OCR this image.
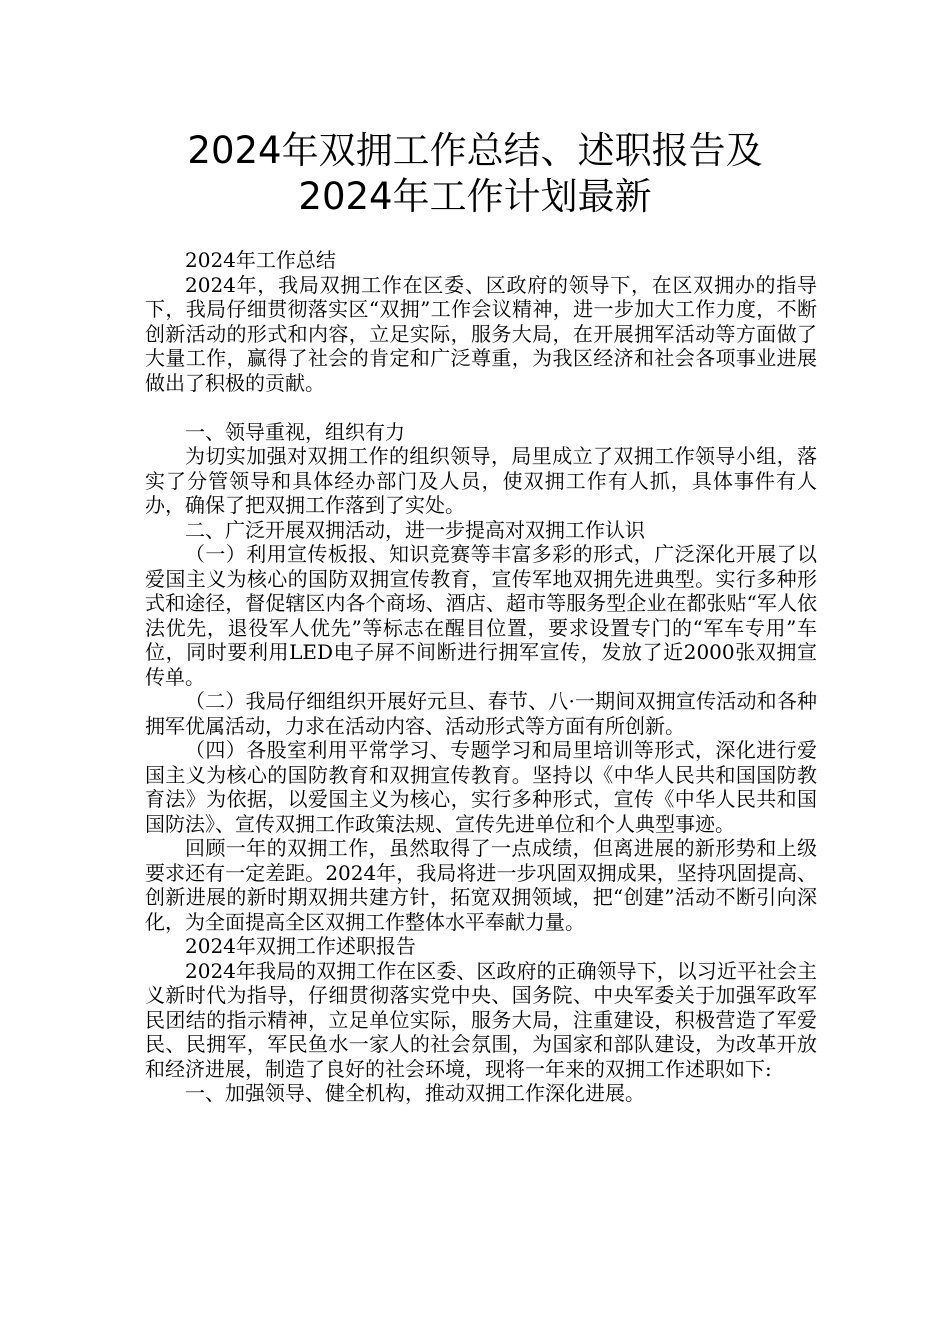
2024年双拥工作总结、述职报告及
2024年工作计划最新

2024年工作总结

2024年，我局双拥工作在区委、区政府的领导下，在区双拥办的指导下，我局仔细贯彻落实区“双拥”工作会议精神，进一步加大工作力度，不断创新活动的形式和内容，立足实际，服务大局，在开展拥军活动等方面做了大量工作，赢得了社会的肯定和广泛尊重，为我区经济和社会各项事业进展做出了积极的贡献。

一、领导重视，组织有力

为切实加强对双拥工作的组织领导，局里成立了双拥工作领导小组，落实了分管领导和具体经办部门及人员，使双拥工作有人抓，具体事件有人办，确保了把双拥工作落到了实处。

二、广泛开展双拥活动，进一步提高对双拥工作认识

（一）利用宣传板报、知识竞赛等丰富多彩的形式，广泛深化开展了以爱国主义为核心的国防双拥宣传教育，宣传军地双拥先进典型。实行多种形式和途径，督促辖区内各个商场、酒店、超市等服务型企业在都张贴“军人依法优先，退役军人优先”等标志在醒目位置，要求设置专门的“军车专用”车位，同时要利用LED电子屏不间断进行拥军宣传，发放了近2000张双拥宣传单。

（二）我局仔细组织开展好元旦、春节、八·一期间双拥宣传活动和各种拥军优属活动，力求在活动内容、活动形式等方面有所创新。

（四）各股室利用平常学习、专题学习和局里培训等形式，深化进行爱国主义为核心的国防教育和双拥宣传教育。坚持以《中华人民共和国国防教育法》为依据，以爱国主义为核心，实行多种形式，宣传《中华人民共和国国防法》、宣传双拥工作政策法规、宣传先进单位和个人典型事迹。

回顾一年的双拥工作，虽然取得了一点成绩，但离进展的新形势和上级要求还有一定差距。2024年，我局将进一步巩固双拥成果，坚持巩固提高、创新进展的新时期双拥共建方针，拓宽双拥领域，把“创建”活动不断引向深化，为全面提高全区双拥工作整体水平奉献力量。

2024年双拥工作述职报告

2024年我局的双拥工作在区委、区政府的正确领导下，以习近平社会主义新时代为指导，仔细贯彻落实党中央、国务院、中央军委关于加强军政军民团结的指示精神，立足单位实际，服务大局，注重建设，积极营造了军爱民、民拥军，军民鱼水一家人的社会氛围，为国家和部队建设，为改革开放和经济进展，制造了良好的社会环境，现将一年来的双拥工作述职如下:

一、加强领导、健全机构，推动双拥工作深化进展。
